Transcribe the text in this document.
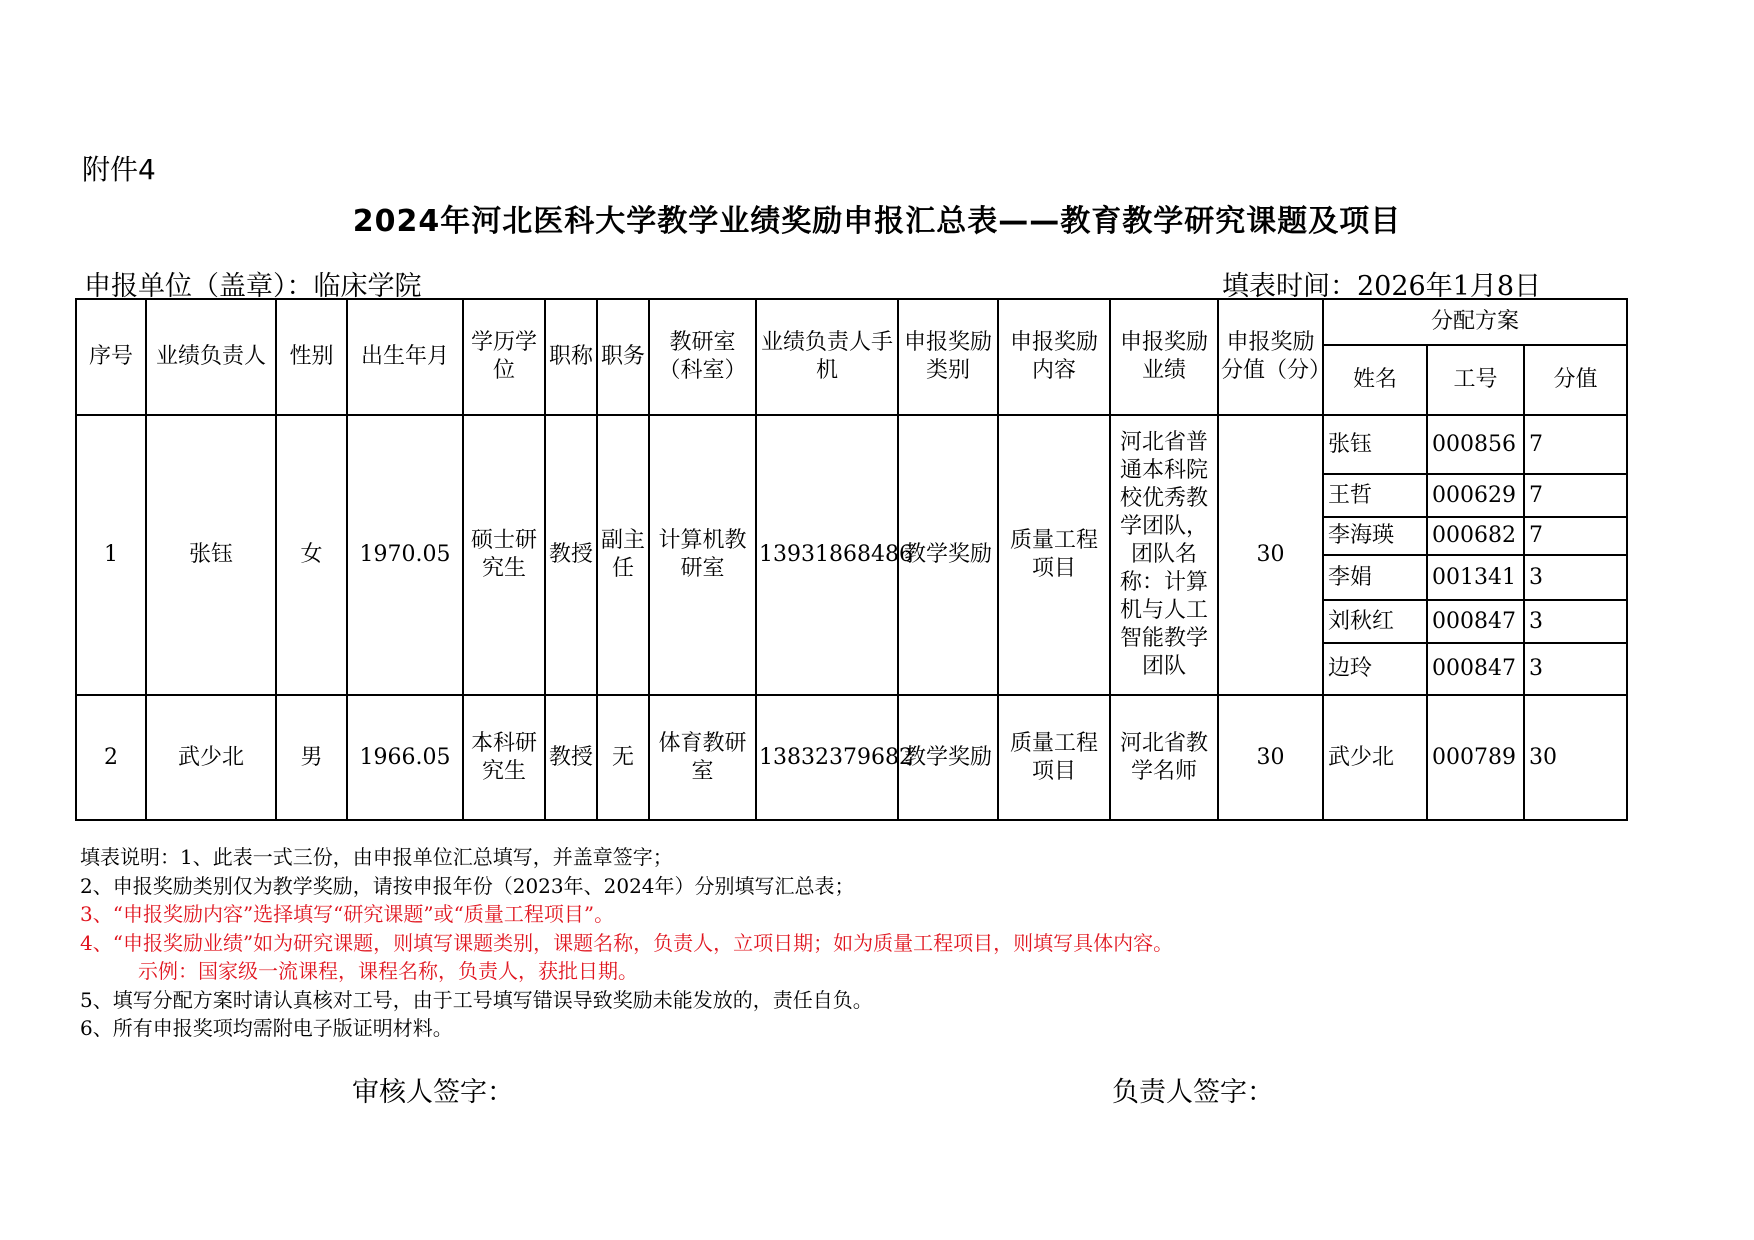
附件4
2024年河北医科大学教学业绩奖励申报汇总表——教育教学研究课题及项目
申报单位（盖章）：临床学院	填表时间：2026年1月8日
序号	业绩负责人	性别	出生年月	学历学位	职称	职务	教研室（科室）	业绩负责人手机	申报奖励类别	申报奖励内容	申报奖励业绩	申报奖励分值（分）	分配方案		
													姓名	工号	分值
1	张钰	女	1970.05	硕士研究生	教授	副主任	计算机教研室	13931868486	教学奖励	质量工程项目	河北省普通本科院校优秀教学团队，团队名称：计算机与人工智能教学团队	30	张钰	000856	7
													王哲	000629	7
													李海瑛	000682	7
													李娟	001341	3
													刘秋红	000847	3
													边玲	000847	3
2	武少北	男	1966.05	本科研究生	教授	无	体育教研室	13832379682	教学奖励	质量工程项目	河北省教学名师	30	武少北	000789	30
填表说明：1、此表一式三份，由申报单位汇总填写，并盖章签字；
2、申报奖励类别仅为教学奖励，请按申报年份（2023年、2024年）分别填写汇总表；
3、“申报奖励内容”选择填写“研究课题”或“质量工程项目”。
4、“申报奖励业绩”如为研究课题，则填写课题类别，课题名称，负责人，立项日期；如为质量工程项目，则填写具体内容。
示例：国家级一流课程，课程名称，负责人，获批日期。
5、填写分配方案时请认真核对工号，由于工号填写错误导致奖励未能发放的，责任自负。
6、所有申报奖项均需附电子版证明材料。
审核人签字：	负责人签字：
